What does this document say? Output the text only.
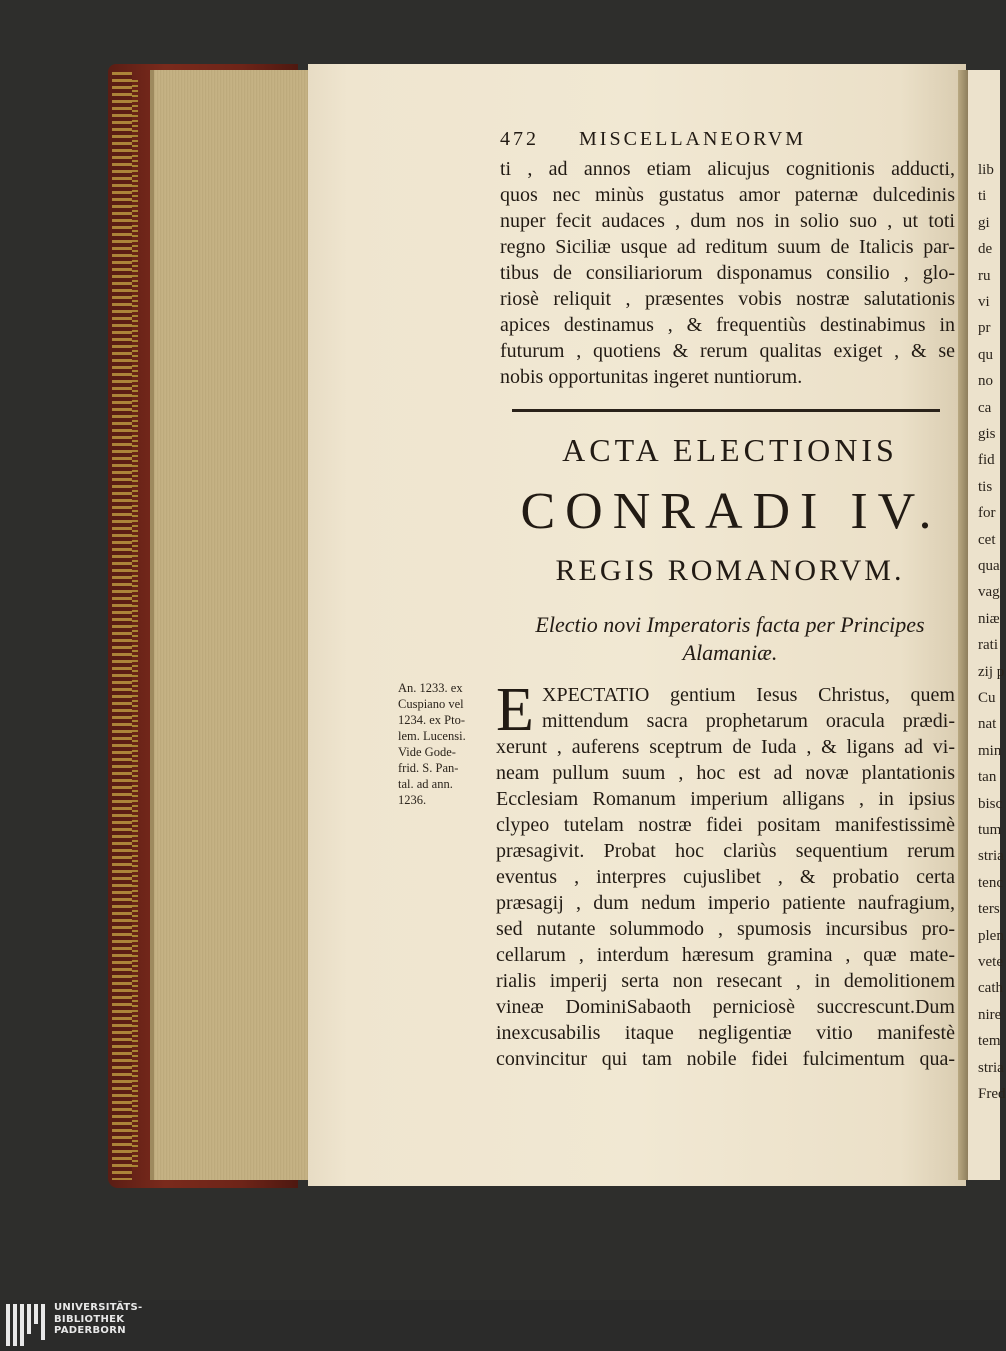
lib
ti
gi
de
ru
vi
pr
qu
no
ca
gis
fid
tis
for
cet
qua
vag
niæ
rati
zij p
Cu
nat
min
tan
bisc
tum
stria
tenc
ters
plen
vete
cath
nire
tem
stria
Fred
472 MISCELLANEORVM
ti , ad annos etiam alicujus cognitionis adducti,
quos nec minùs gustatus amor paternæ dulcedinis
nuper fecit audaces , dum nos in solio suo , ut toti
regno Siciliæ usque ad reditum suum de Italicis par-
tibus de consiliariorum disponamus consilio , glo-
riosè reliquit , præsentes vobis nostræ salutationis
apices destinamus , & frequentiùs destinabimus in
futurum , quotiens & rerum qualitas exiget , & se
nobis opportunitas ingeret nuntiorum.
ACTA ELECTIONIS
CONRADI IV.
REGIS ROMANORVM.
Electio novi Imperatoris facta per Principes
Alamaniæ.
An. 1233. ex
Cuspiano vel
1234. ex Pto-
lem. Lucensi.
Vide Gode-
frid. S. Pan-
tal. ad ann.
1236.
E XPECTATIO gentium Iesus Christus, quem
mittendum sacra prophetarum oracula prædi-
xerunt , auferens sceptrum de Iuda , & ligans ad vi-
neam pullum suum , hoc est ad novæ plantationis
Ecclesiam Romanum imperium alligans , in ipsius
clypeo tutelam nostræ fidei positam manifestissimè
præsagivit. Probat hoc clariùs sequentium rerum
eventus , interpres cujuslibet , & probatio certa
præsagij , dum nedum imperio patiente naufragium,
sed nutante solummodo , spumosis incursibus pro-
cellarum , interdum hæresum gramina , quæ mate-
rialis imperij serta non resecant , in demolitionem
vineæ DominiSabaoth perniciosè succrescunt.Dum
inexcusabilis itaque negligentiæ vitio manifestè
convincitur qui tam nobile fidei fulcimentum qua-
UNIVERSITÄTS-
BIBLIOTHEK
PADERBORN
